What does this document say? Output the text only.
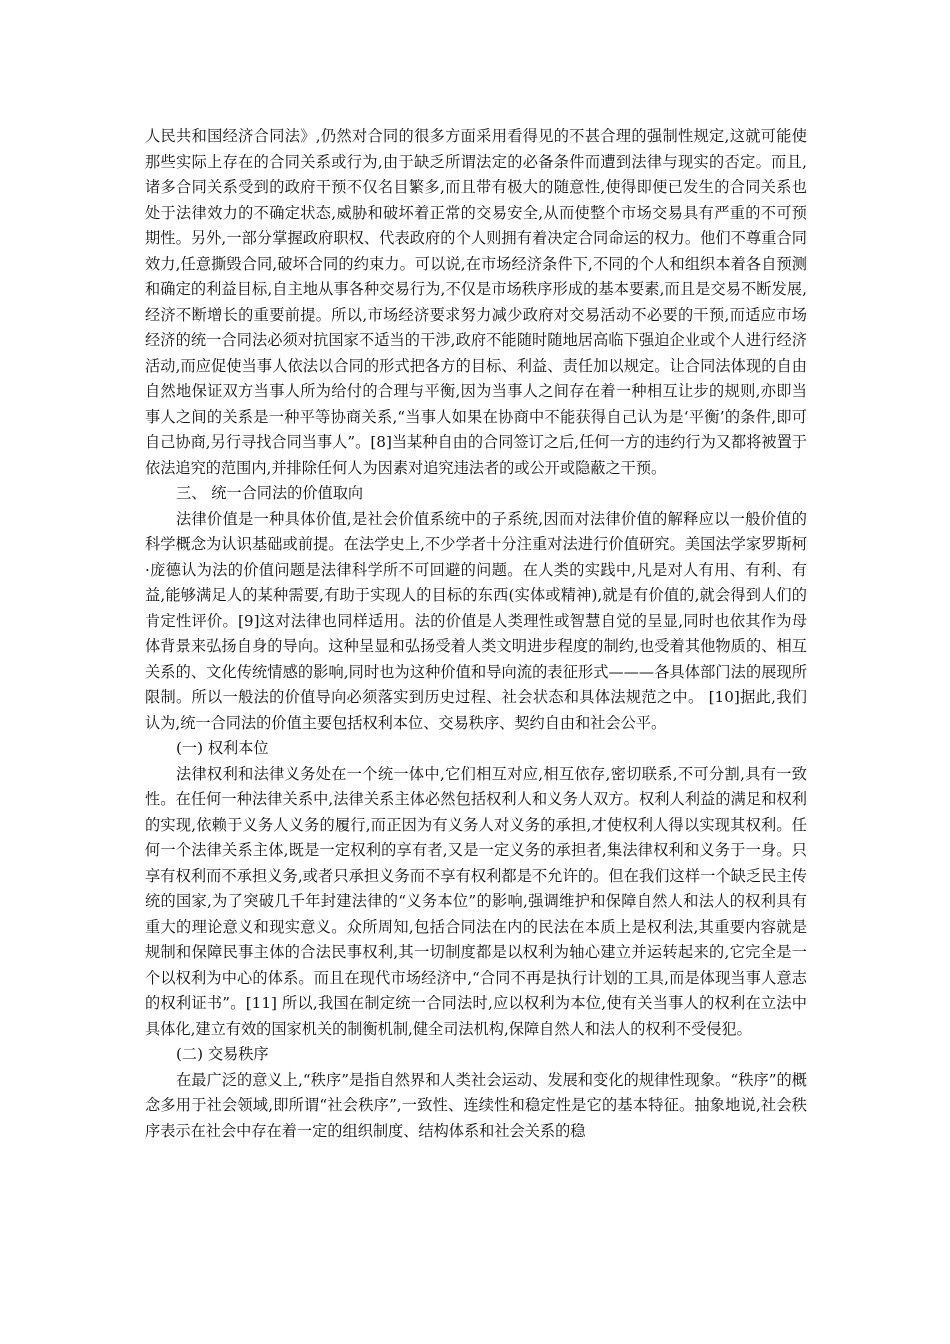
人民共和国经济合同法》,仍然对合同的很多方面采用看得见的不甚合理的强制性规定,这就可能使那些实际上存在的合同关系或行为,由于缺乏所谓法定的必备条件而遭到法律与现实的否定。而且,诸多合同关系受到的政府干预不仅名目繁多,而且带有极大的随意性,使得即便已发生的合同关系也处于法律效力的不确定状态,威胁和破坏着正常的交易安全,从而使整个市场交易具有严重的不可预期性。另外,一部分掌握政府职权、代表政府的个人则拥有着决定合同命运的权力。他们不尊重合同效力,任意撕毁合同,破坏合同的约束力。可以说,在市场经济条件下,不同的个人和组织本着各自预测和确定的利益目标,自主地从事各种交易行为,不仅是市场秩序形成的基本要素,而且是交易不断发展,经济不断增长的重要前提。所以,市场经济要求努力减少政府对交易活动不必要的干预,而适应市场经济的统一合同法必须对抗国家不适当的干涉,政府不能随时随地居高临下强迫企业或个人进行经济活动,而应促使当事人依法以合同的形式把各方的目标、利益、责任加以规定。让合同法体现的自由自然地保证双方当事人所为给付的合理与平衡,因为当事人之间存在着一种相互让步的规则,亦即当事人之间的关系是一种平等协商关系,“当事人如果在协商中不能获得自己认为是‘平衡’的条件,即可自己协商,另行寻找合同当事人”。[8]当某种自由的合同签订之后,任何一方的违约行为又都将被置于依法追究的范围内,并排除任何人为因素对追究违法者的或公开或隐蔽之干预。

三、 统一合同法的价值取向

法律价值是一种具体价值,是社会价值系统中的子系统,因而对法律价值的解释应以一般价值的科学概念为认识基础或前提。在法学史上,不少学者十分注重对法进行价值研究。美国法学家罗斯柯·庞德认为法的价值问题是法律科学所不可回避的问题。在人类的实践中,凡是对人有用、有利、有益,能够满足人的某种需要,有助于实现人的目标的东西(实体或精神),就是有价值的,就会得到人们的肯定性评价。[9]这对法律也同样适用。法的价值是人类理性或智慧自觉的呈显,同时也依其作为母体背景来弘扬自身的导向。这种呈显和弘扬受着人类文明进步程度的制约,也受着其他物质的、相互关系的、文化传统情感的影响,同时也为这种价值和导向流的表征形式———各具体部门法的展现所限制。所以一般法的价值导向必须落实到历史过程、社会状态和具体法规范之中。 [10]据此,我们认为,统一合同法的价值主要包括权利本位、交易秩序、契约自由和社会公平。

(一) 权利本位

法律权利和法律义务处在一个统一体中,它们相互对应,相互依存,密切联系,不可分割,具有一致性。在任何一种法律关系中,法律关系主体必然包括权利人和义务人双方。权利人利益的满足和权利的实现,依赖于义务人义务的履行,而正因为有义务人对义务的承担,才使权利人得以实现其权利。任何一个法律关系主体,既是一定权利的享有者,又是一定义务的承担者,集法律权利和义务于一身。只享有权利而不承担义务,或者只承担义务而不享有权利都是不允许的。但在我们这样一个缺乏民主传统的国家,为了突破几千年封建法律的“义务本位”的影响,强调维护和保障自然人和法人的权利具有重大的理论意义和现实意义。众所周知,包括合同法在内的民法在本质上是权利法,其重要内容就是规制和保障民事主体的合法民事权利,其一切制度都是以权利为轴心建立并运转起来的,它完全是一个以权利为中心的体系。而且在现代市场经济中,“合同不再是执行计划的工具,而是体现当事人意志的权利证书”。[11] 所以,我国在制定统一合同法时,应以权利为本位,使有关当事人的权利在立法中具体化,建立有效的国家机关的制衡机制,健全司法机构,保障自然人和法人的权利不受侵犯。

(二) 交易秩序

在最广泛的意义上,“秩序”是指自然界和人类社会运动、发展和变化的规律性现象。“秩序”的概念多用于社会领域,即所谓“社会秩序”,一致性、连续性和稳定性是它的基本特征。抽象地说,社会秩序表示在社会中存在着一定的组织制度、结构体系和社会关系的稳
